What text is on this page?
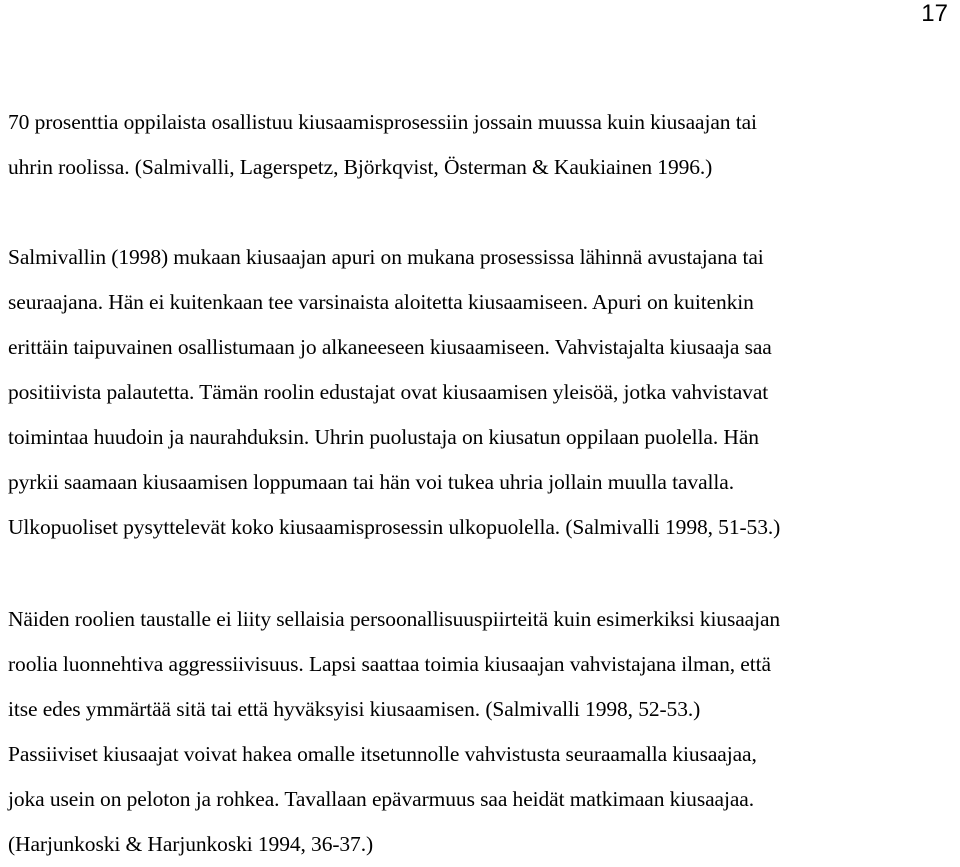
17

70 prosenttia oppilaista osallistuu kiusaamisprosessiin jossain muussa kuin kiusaajan tai
uhrin roolissa. (Salmivalli, Lagerspetz, Björkqvist, Österman & Kaukiainen 1996.)

Salmivallin (1998) mukaan kiusaajan apuri on mukana prosessissa lähinnä avustajana tai
seuraajana. Hän ei kuitenkaan tee varsinaista aloitetta kiusaamiseen. Apuri on kuitenkin
erittäin taipuvainen osallistumaan jo alkaneeseen kiusaamiseen. Vahvistajalta kiusaaja saa
positiivista palautetta. Tämän roolin edustajat ovat kiusaamisen yleisöä, jotka vahvistavat
toimintaa huudoin ja naurahduksin. Uhrin puolustaja on kiusatun oppilaan puolella. Hän
pyrkii saamaan kiusaamisen loppumaan tai hän voi tukea uhria jollain muulla tavalla.
Ulkopuoliset pysyttelevät koko kiusaamisprosessin ulkopuolella. (Salmivalli 1998, 51-53.)

Näiden roolien taustalle ei liity sellaisia persoonallisuuspiirteitä kuin esimerkiksi kiusaajan
roolia luonnehtiva aggressiivisuus. Lapsi saattaa toimia kiusaajan vahvistajana ilman, että
itse edes ymmärtää sitä tai että hyväksyisi kiusaamisen. (Salmivalli 1998, 52-53.)
Passiiviset kiusaajat voivat hakea omalle itsetunnolle vahvistusta seuraamalla kiusaajaa,
joka usein on peloton ja rohkea. Tavallaan epävarmuus saa heidät matkimaan kiusaajaa.
(Harjunkoski & Harjunkoski 1994, 36-37.)
